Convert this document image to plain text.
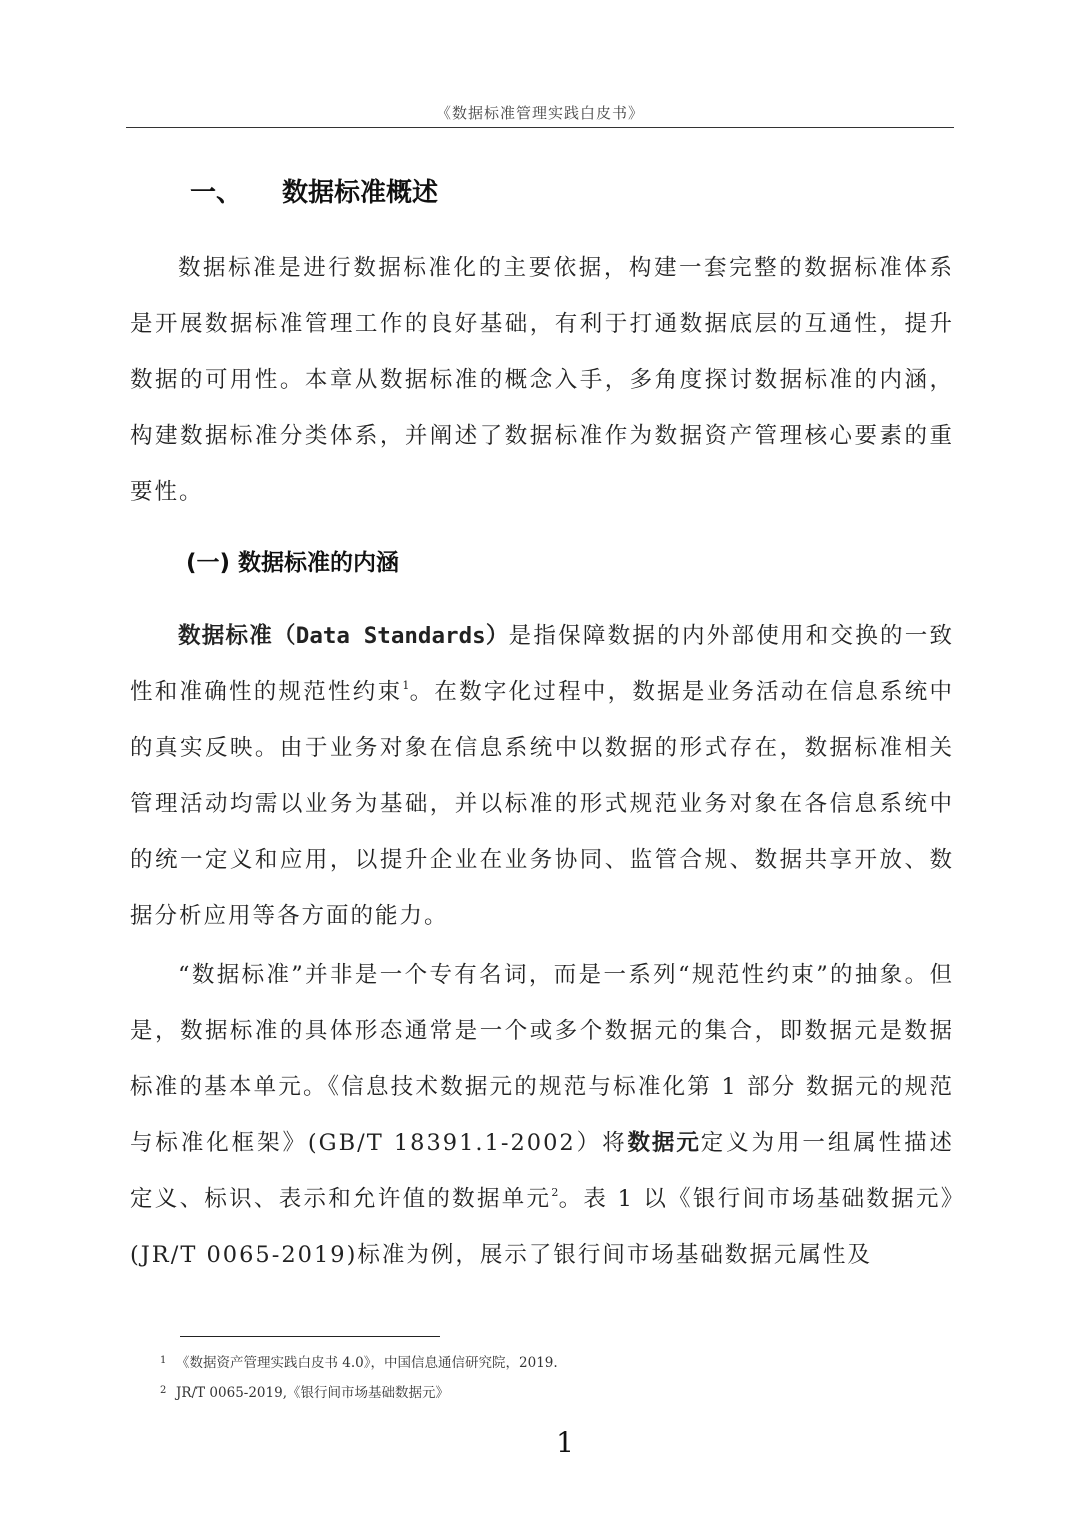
《数据标准管理实践白皮书》
一、 数据标准概述

数据标准是进行数据标准化的主要依据，构建一套完整的数据标准体系是开展数据标准管理工作的良好基础，有利于打通数据底层的互通性，提升数据的可用性。本章从数据标准的概念入手，多角度探讨数据标准的内涵，构建数据标准分类体系，并阐述了数据标准作为数据资产管理核心要素的重要性。

(一) 数据标准的内涵

数据标准（Data Standards）是指保障数据的内外部使用和交换的一致性和准确性的规范性约束$^1$。在数字化过程中，数据是业务活动在信息系统中的真实反映。由于业务对象在信息系统中以数据的形式存在，数据标准相关管理活动均需以业务为基础，并以标准的形式规范业务对象在各信息系统中的统一定义和应用，以提升企业在业务协同、监管合规、数据共享开放、数据分析应用等各方面的能力。

“数据标准”并非是一个专有名词，而是一系列“规范性约束”的抽象。但是，数据标准的具体形态通常是一个或多个数据元的集合，即数据元是数据标准的基本单元。《信息技术数据元的规范与标准化第 1 部分 数据元的规范与标准化框架》(GB/T 18391.1-2002）将数据元定义为用一组属性描述定义、标识、表示和允许值的数据单元$^2$。表 1 以《银行间市场基础数据元》(JR/T 0065-2019)标准为例，展示了银行间市场基础数据元属性及

1 《数据资产管理实践白皮书 4.0》，中国信息通信研究院，2019.
2 JR/T 0065-2019,《银行间市场基础数据元》
1
